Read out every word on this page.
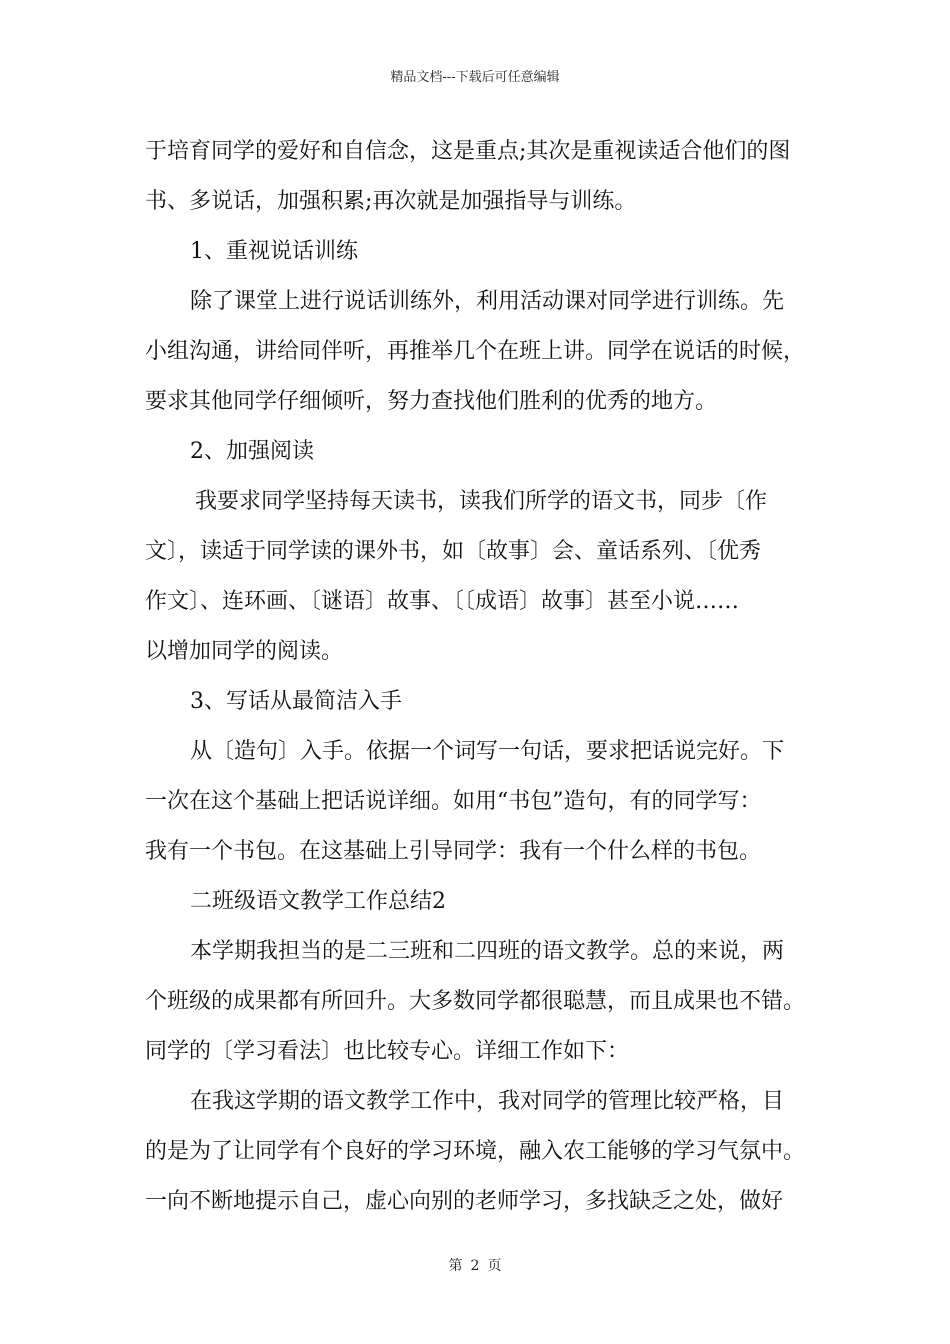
精品文档---下载后可任意编辑
于培育同学的爱好和自信念，这是重点;其次是重视读适合他们的图
书、多说话，加强积累;再次就是加强指导与训练。
1、重视说话训练
除了课堂上进行说话训练外，利用活动课对同学进行训练。先
小组沟通，讲给同伴听，再推举几个在班上讲。同学在说话的时候，
要求其他同学仔细倾听，努力查找他们胜利的优秀的地方。
2、加强阅读
我要求同学坚持每天读书，读我们所学的语文书，同步〔作
文〕，读适于同学读的课外书，如〔故事〕会、童话系列、〔优秀
作文〕、连环画、〔谜语〕故事、〔〔成语〕故事〕甚至小说……
以增加同学的阅读。
3、写话从最简洁入手
从〔造句〕入手。依据一个词写一句话，要求把话说完好。下
一次在这个基础上把话说详细。如用“书包”造句，有的同学写：
我有一个书包。在这基础上引导同学：我有一个什么样的书包。
二班级语文教学工作总结2
本学期我担当的是二三班和二四班的语文教学。总的来说，两
个班级的成果都有所回升。大多数同学都很聪慧，而且成果也不错。
同学的〔学习看法〕也比较专心。详细工作如下：
在我这学期的语文教学工作中，我对同学的管理比较严格，目
的是为了让同学有个良好的学习环境，融入农工能够的学习气氛中。
一向不断地提示自己，虚心向别的老师学习，多找缺乏之处，做好
第 2 页
